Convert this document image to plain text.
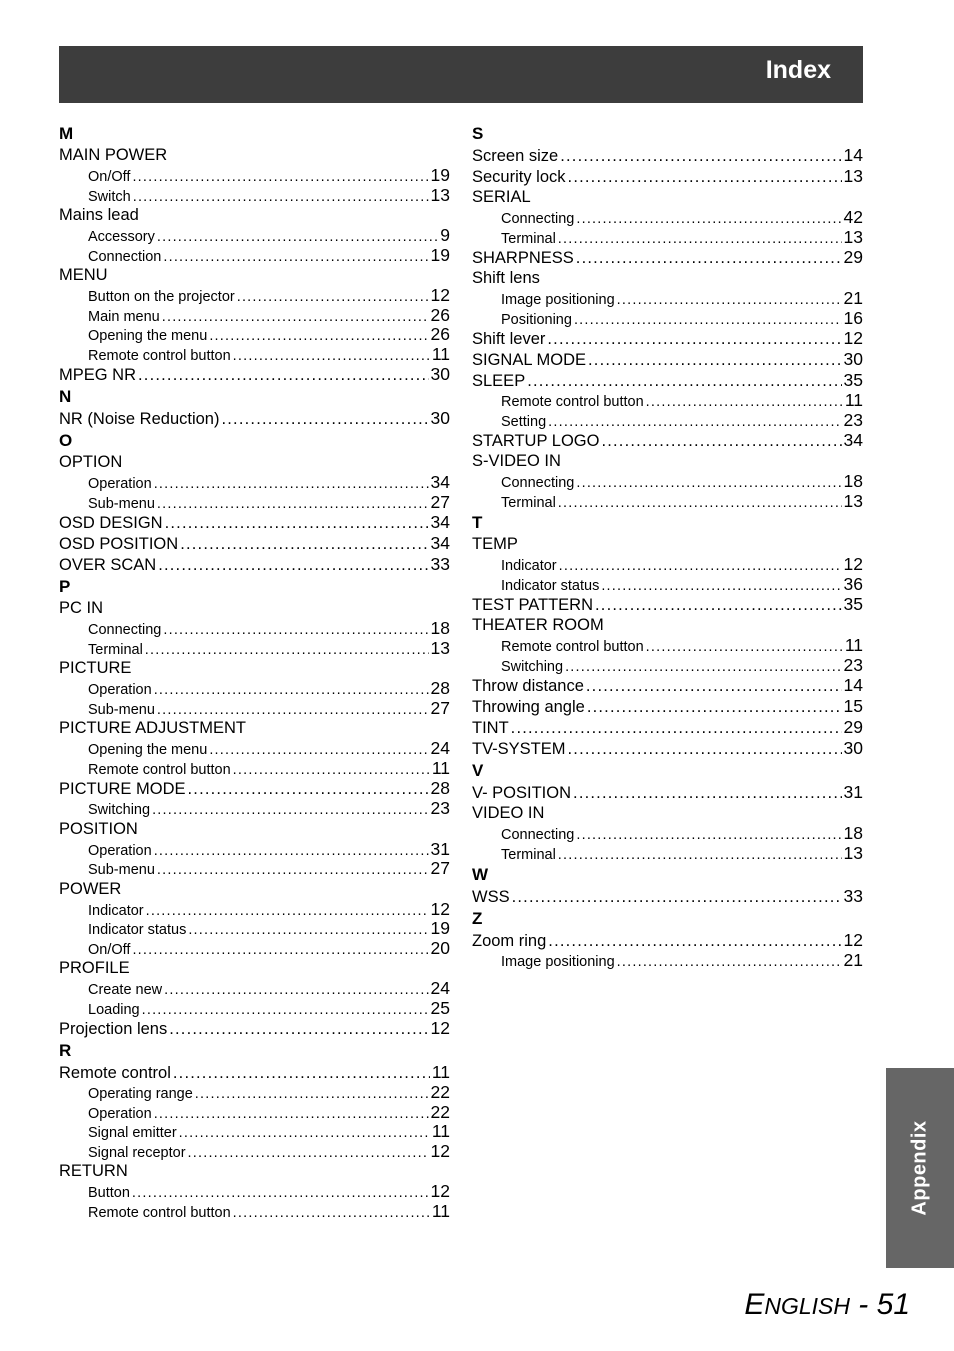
Index
M
MAIN POWER
On/Off .....	19
Switch .....	13
Mains lead
Accessory .....	9
Connection .....	19
MENU
Button on the projector .....	12
Main menu .....	26
Opening the menu .....	26
Remote control button .....	11
MPEG NR .....	30
N
NR (Noise Reduction) .....	30
O
OPTION
Operation .....	34
Sub-menu .....	27
OSD DESIGN .....	34
OSD POSITION .....	34
OVER SCAN .....	33
P
PC IN
Connecting .....	18
Terminal .....	13
PICTURE
Operation .....	28
Sub-menu .....	27
PICTURE ADJUSTMENT
Opening the menu .....	24
Remote control button .....	11
PICTURE MODE .....	28
Switching .....	23
POSITION
Operation .....	31
Sub-menu .....	27
POWER
Indicator .....	12
Indicator status .....	19
On/Off .....	20
PROFILE
Create new .....	24
Loading .....	25
Projection lens .....	12
R
Remote control .....	11
Operating range .....	22
Operation .....	22
Signal emitter .....	11
Signal receptor .....	12
RETURN
Button .....	12
Remote control button .....	11
S
Screen size .....	14
Security lock .....	13
SERIAL
Connecting .....	42
Terminal .....	13
SHARPNESS .....	29
Shift lens
Image positioning .....	21
Positioning .....	16
Shift lever .....	12
SIGNAL MODE .....	30
SLEEP .....	35
Remote control button .....	11
Setting .....	23
STARTUP LOGO .....	34
S-VIDEO IN
Connecting .....	18
Terminal .....	13
T
TEMP
Indicator .....	12
Indicator status .....	36
TEST PATTERN .....	35
THEATER ROOM
Remote control button .....	11
Switching .....	23
Throw distance .....	14
Throwing angle .....	15
TINT .....	29
TV-SYSTEM .....	30
V
V- POSITION .....	31
VIDEO IN
Connecting .....	18
Terminal .....	13
W
WSS .....	33
Z
Zoom ring .....	12
Image positioning .....	21
Appendix
ENGLISH - 51
